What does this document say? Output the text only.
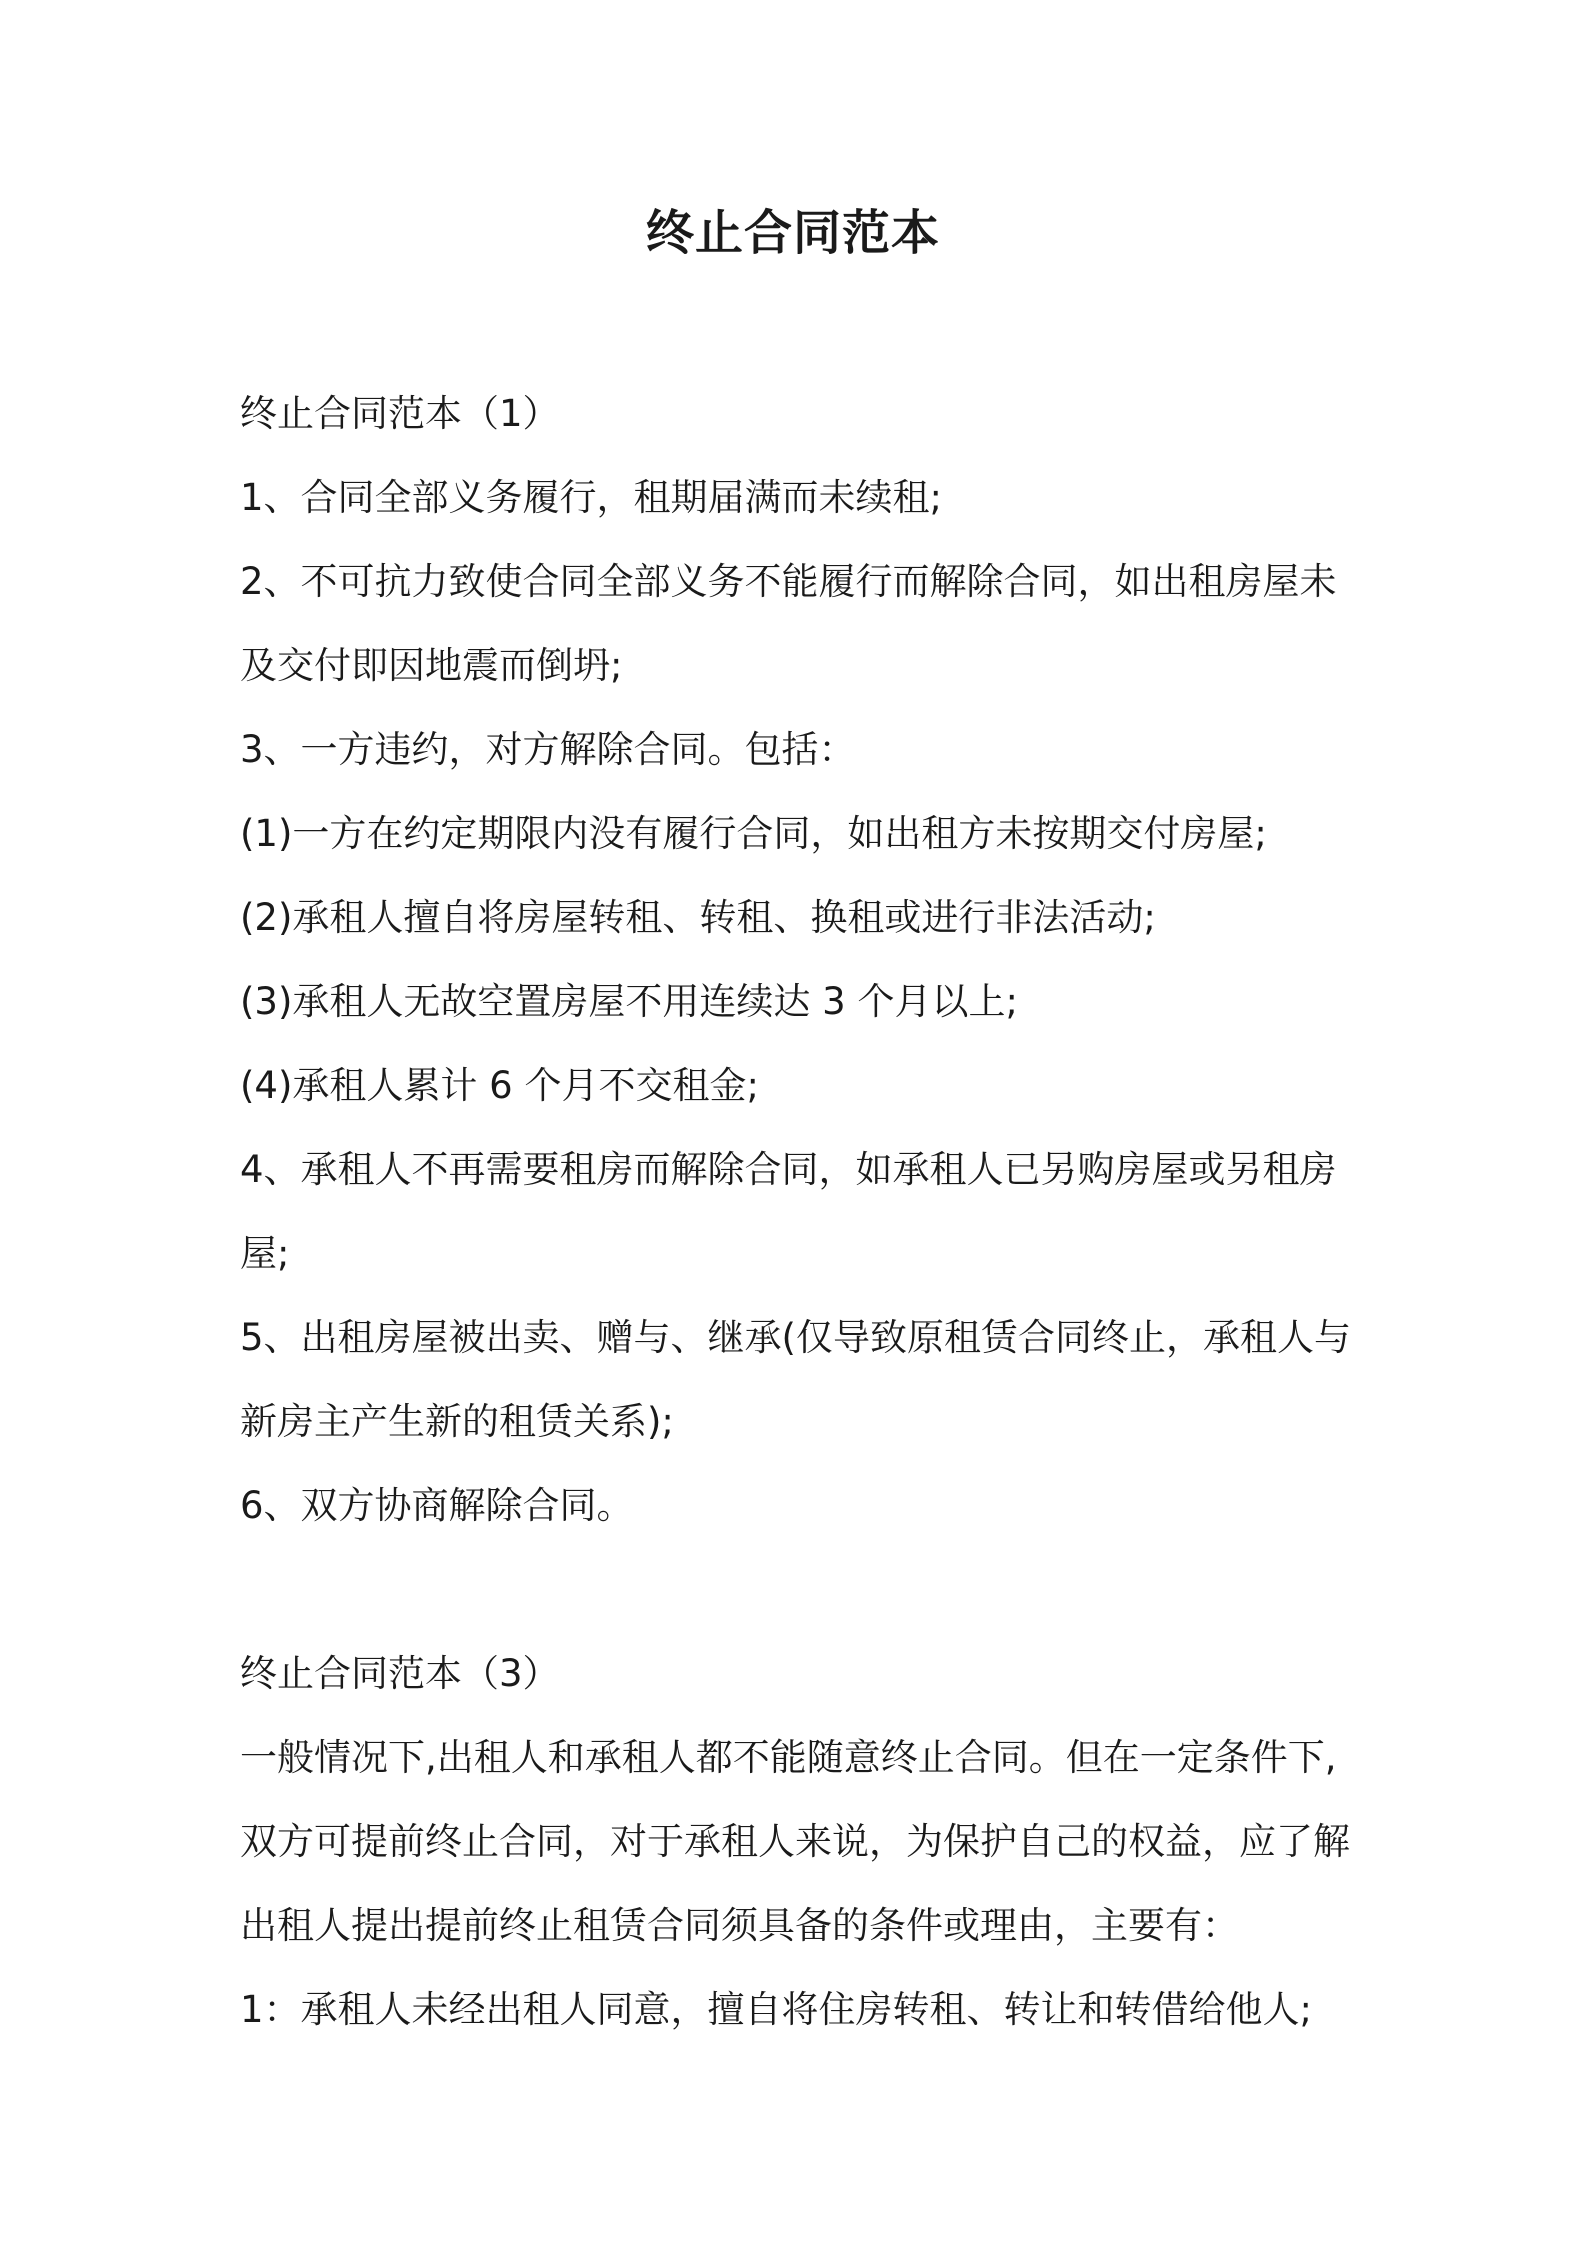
终止合同范本

终止合同范本（1）

1、合同全部义务履行，租期届满而未续租;

2、不可抗力致使合同全部义务不能履行而解除合同，如出租房屋未

及交付即因地震而倒坍;

3、一方违约，对方解除合同。包括：

(1)一方在约定期限内没有履行合同，如出租方未按期交付房屋;

(2)承租人擅自将房屋转租、转租、换租或进行非法活动;

(3)承租人无故空置房屋不用连续达 3 个月以上;

(4)承租人累计 6 个月不交租金;

4、承租人不再需要租房而解除合同，如承租人已另购房屋或另租房

屋;

5、出租房屋被出卖、赠与、继承(仅导致原租赁合同终止，承租人与

新房主产生新的租赁关系);

6、双方协商解除合同。

终止合同范本（3）

一般情况下,出租人和承租人都不能随意终止合同。但在一定条件下,

双方可提前终止合同，对于承租人来说，为保护自己的权益，应了解

出租人提出提前终止租赁合同须具备的条件或理由，主要有：

1：承租人未经出租人同意，擅自将住房转租、转让和转借给他人;
